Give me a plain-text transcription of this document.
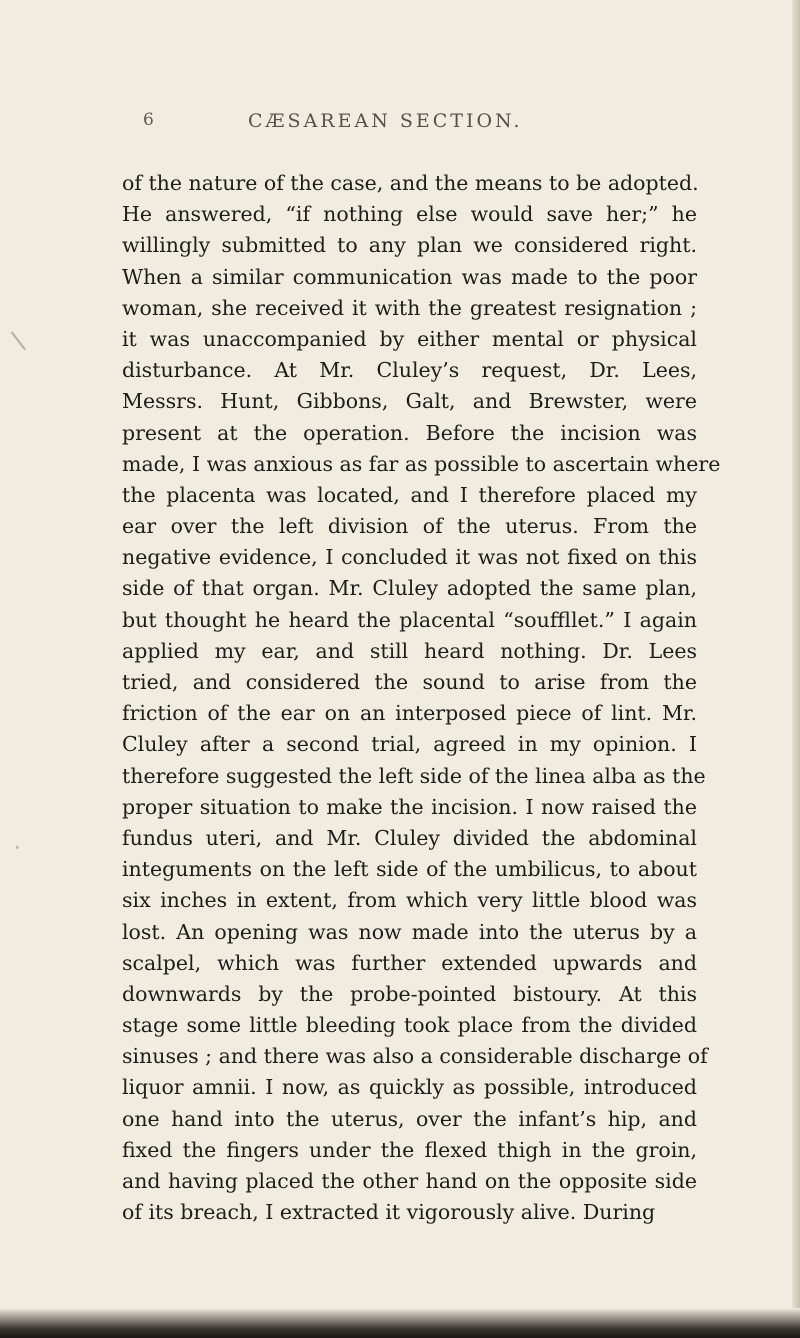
6	CÆSAREAN SECTION.
of the nature of the case, and the means to be adopted.
He answered, “if nothing else would save her;” he
willingly submitted to any plan we considered right.
When a similar communication was made to the poor
woman, she received it with the greatest resignation ;
it was unaccompanied by either mental or physical
disturbance. At Mr. Cluley’s request, Dr. Lees,
Messrs. Hunt, Gibbons, Galt, and Brewster, were
present at the operation. Before the incision was
made, I was anxious as far as possible to ascertain where
the placenta was located, and I therefore placed my
ear over the left division of the uterus. From the
negative evidence, I concluded it was not fixed on this
side of that organ. Mr. Cluley adopted the same plan,
but thought he heard the placental “souffllet.” I again
applied my ear, and still heard nothing. Dr. Lees
tried, and considered the sound to arise from the
friction of the ear on an interposed piece of lint. Mr.
Cluley after a second trial, agreed in my opinion. I
therefore suggested the left side of the linea alba as the
proper situation to make the incision. I now raised the
fundus uteri, and Mr. Cluley divided the abdominal
integuments on the left side of the umbilicus, to about
six inches in extent, from which very little blood was
lost. An opening was now made into the uterus by a
scalpel, which was further extended upwards and
downwards by the probe-pointed bistoury. At this
stage some little bleeding took place from the divided
sinuses ; and there was also a considerable discharge of
liquor amnii. I now, as quickly as possible, introduced
one hand into the uterus, over the infant’s hip, and
fixed the fingers under the flexed thigh in the groin,
and having placed the other hand on the opposite side
of its breach, I extracted it vigorously alive. During
\
·
